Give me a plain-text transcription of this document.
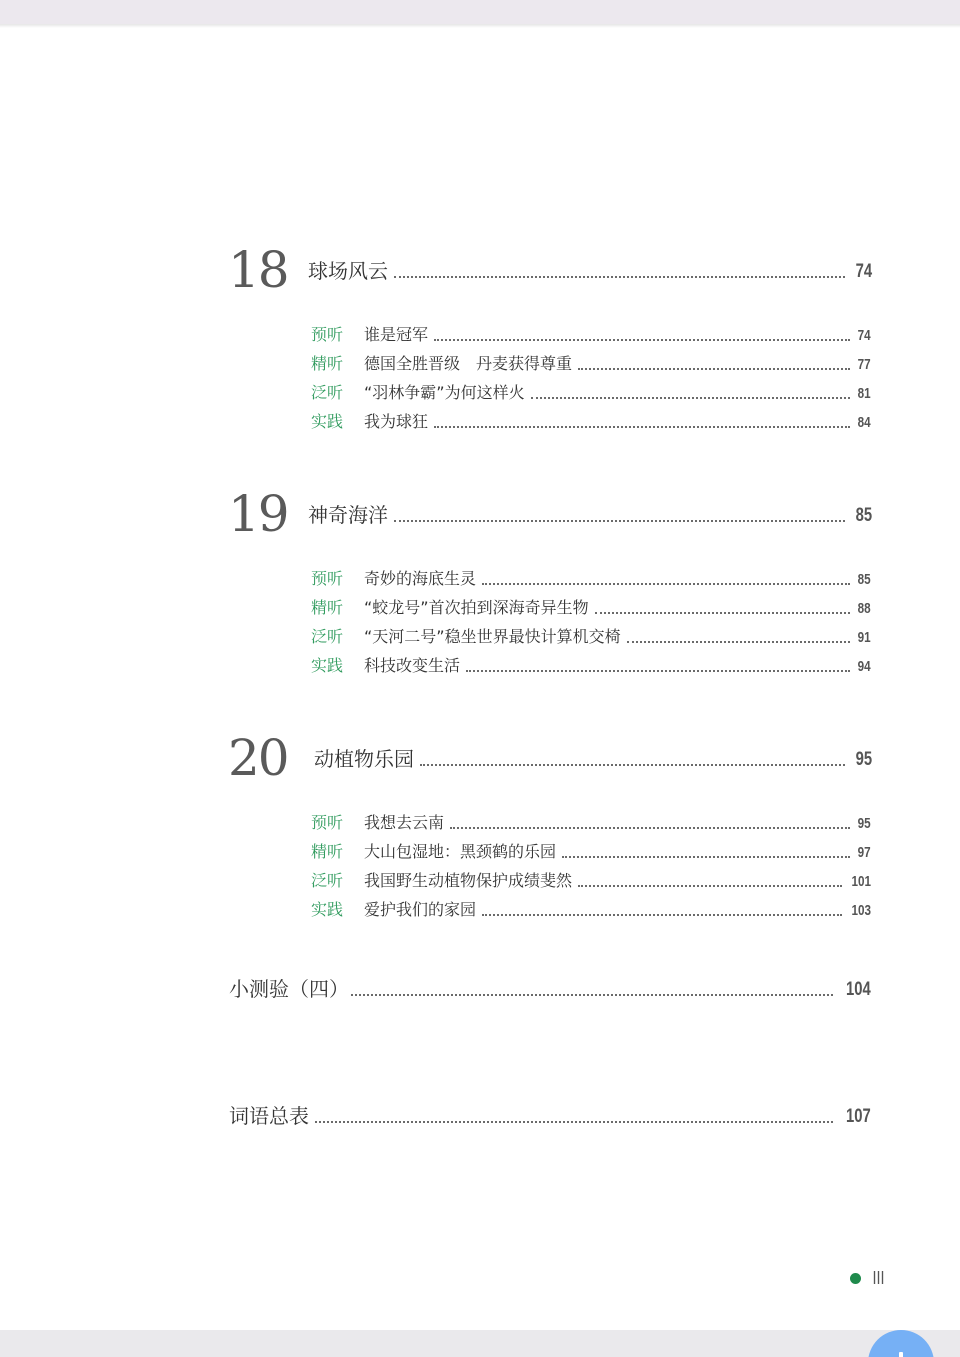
18 球场风云	74
预听	谁是冠军	74
精听	德国全胜晋级　丹麦获得尊重	77
泛听	“羽林争霸”为何这样火	81
实践	我为球狂	84
19 神奇海洋	85
预听	奇妙的海底生灵	85
精听	“蛟龙号”首次拍到深海奇异生物	88
泛听	“天河二号”稳坐世界最快计算机交椅	91
实践	科技改变生活	94
20 动植物乐园	95
预听	我想去云南	95
精听	大山包湿地：黑颈鹤的乐园	97
泛听	我国野生动植物保护成绩斐然	101
实践	爱护我们的家园	103
小测验（四）	104
词语总表	107
III
